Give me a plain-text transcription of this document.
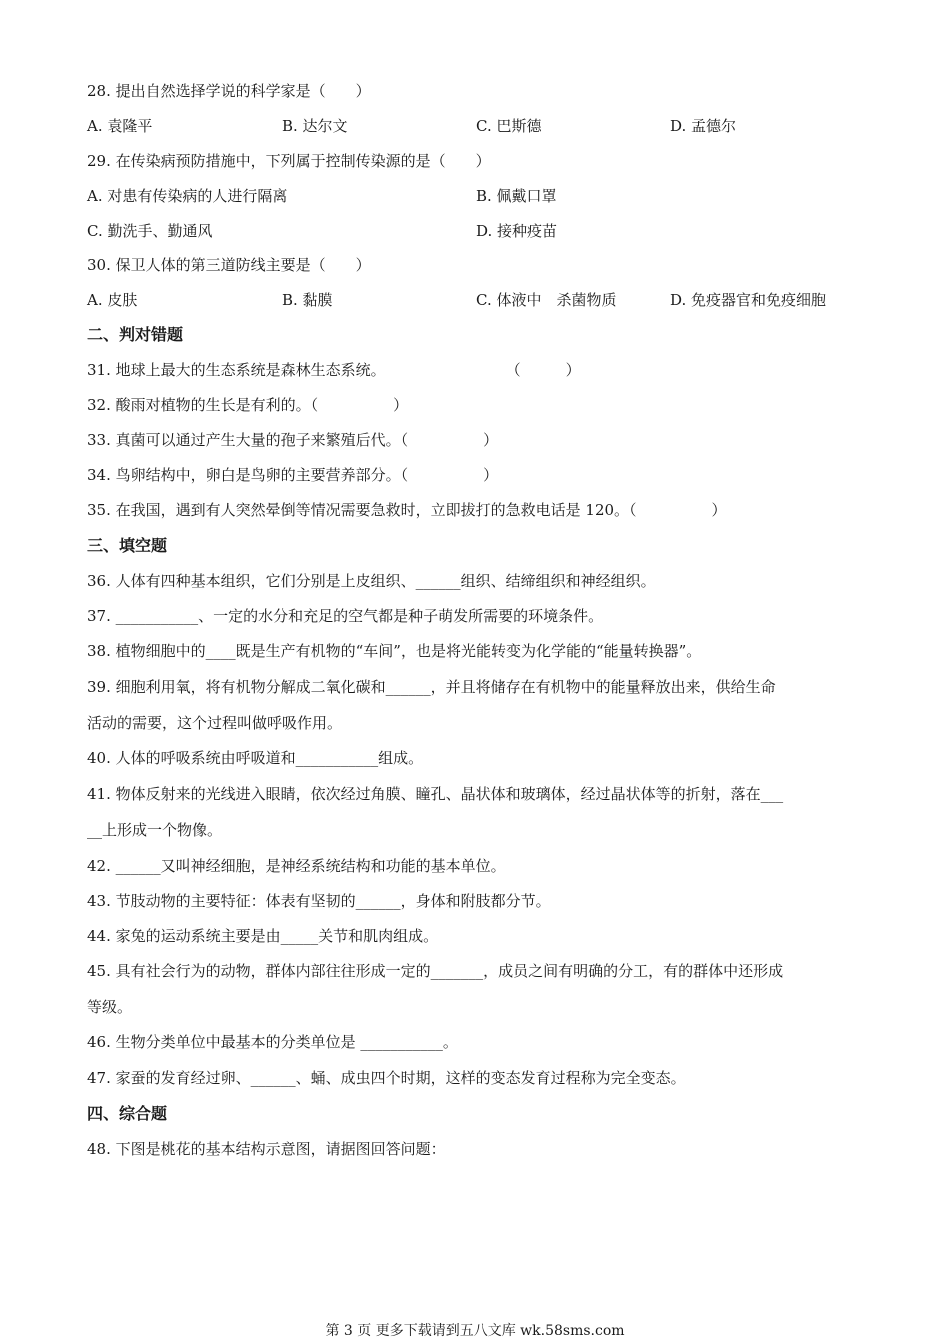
28. 提出自然选择学说的科学家是（　　）
A. 袁隆平	B. 达尔文	C. 巴斯德	D. 孟德尔
29. 在传染病预防措施中，下列属于控制传染源的是（　　）
A. 对患有传染病的人进行隔离	B. 佩戴口罩
C. 勤洗手、勤通风	D. 接种疫苗
30. 保卫人体的第三道防线主要是（　　）
A. 皮肤	B. 黏膜	C. 体液中　杀菌物质	D. 免疫器官和免疫细胞
二、判对错题
31. 地球上最大的生态系统是森林生态系统。　　　　　　　　　（　　　）
32. 酸雨对植物的生长是有利的。（　　　　　）
33. 真菌可以通过产生大量的孢子来繁殖后代。（　　　　　）
34. 鸟卵结构中，卵白是鸟卵的主要营养部分。（　　　　　）
35. 在我国，遇到有人突然晕倒等情况需要急救时，立即拔打的急救电话是 120。（　　　　　）
三、填空题
36. 人体有四种基本组织，它们分别是上皮组织、______组织、结缔组织和神经组织。
37. ___________、一定的水分和充足的空气都是种子萌发所需要的环境条件。
38. 植物细胞中的____既是生产有机物的“车间”，也是将光能转变为化学能的“能量转换器”。
39. 细胞利用氧，将有机物分解成二氧化碳和______，并且将储存在有机物中的能量释放出来，供给生命
活动的需要，这个过程叫做呼吸作用。
40. 人体的呼吸系统由呼吸道和___________组成。
41. 物体反射来的光线进入眼睛，依次经过角膜、瞳孔、晶状体和玻璃体，经过晶状体等的折射，落在___
__上形成一个物像。
42. ______又叫神经细胞，是神经系统结构和功能的基本单位。
43. 节肢动物的主要特征：体表有坚韧的______，身体和附肢都分节。
44. 家兔的运动系统主要是由_____关节和肌肉组成。
45. 具有社会行为的动物，群体内部往往形成一定的_______，成员之间有明确的分工，有的群体中还形成
等级。
46. 生物分类单位中最基本的分类单位是 ___________。
47. 家蚕的发育经过卵、______、蛹、成虫四个时期，这样的变态发育过程称为完全变态。
四、综合题
48. 下图是桃花的基本结构示意图，请据图回答问题：
第 3 页 更多下载请到五八文库 wk.58sms.com
